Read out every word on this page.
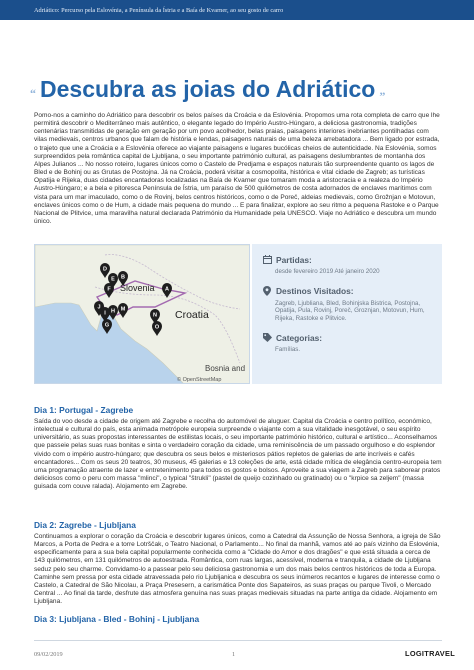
Adriático: Percurso pela Eslovénia, a Península da Ístria e a Baía de Kvarner, ao seu gosto de carro
“ Descubra as joias do Adriático ”

Pomo-nos a caminho do Adriático para descobrir os belos países da Croácia e da Eslovénia. Propomos uma rota completa de carro que lhe permitirá descobrir o Mediterrâneo mais autêntico, o elegante legado do Império Austro-Húngaro, a deliciosa gastronomia, tradições centenárias transmitidas de geração em geração por um povo acolhedor, belas praias, paisagens interiores inebriantes pontilhadas com vilas medievais, centros urbanos que falam de história e lendas, paisagens naturais de uma beleza arrebatadora ... Bem ligado por estrada, o trajeto que une a Croácia e a Eslovénia oferece ao viajante paisagens e lugares bucólicas cheios de autenticidade. Na Eslovénia, somos surpreendidos pela romântica capital de Ljubljana, o seu importante património cultural, as paisagens deslumbrantes de montanha dos Alpes Julianos ... No nosso roteiro, lugares únicos como o Castelo de Predjama e espaços naturais tão surpreendente quanto os lagos de Bled e de Bohinj ou as Grutas de Postojna. Já na Croácia, poderá visitar a cosmopolita, histórica e vital cidade de Zagreb; as turísticas Opatija e Rijeka, duas cidades encantadoras localizadas na Baía de Kvarner que tomaram moda a aristocracia e a realeza do Império Austro-Húngaro; e a bela e pitoresca Península de Ístria, um paraíso de 500 quilómetros de costa adornados de enclaves marítimos com vista para um mar imaculado, como o de Rovinj, belos centros históricos, como o de Poreč, aldeias medievais, como Grožnjan e Motovun, enclaves únicos como o de Hum, a cidade mais pequena do mundo ... E para finalizar, explore ao seu ritmo a pequena Rastoke e o Parque Nacional de Plitvice, uma maravilha natural declarada Património da Humanidade pela UNESCO. Viaje no Adriático e descubra um mundo único.

Slovenia
Croatia
Bosnia and
D
E B
F
J
I H M
G
A
N
O
© OpenStreetMap
Partidas:
desde fevereiro 2019 Até janeiro 2020
Destinos Visitados:
Zagreb, Ljubliana, Bled, Bohinjska Bistrica, Postojna, Opatija, Pula, Rovinj, Poreč, Groznjan, Motovun, Hum, Rijeka, Rastoke e Plitvice.
Categorias:
Famílias.
Dia 1: Portugal - Zagrebe

Saída do voo desde a cidade de origem até Zagrebe e recolha do automóvel de aluguer. Capital da Croácia e centro político, económico, intelectual e cultural do país, esta animada metrópole europeia surpreende o viajante com a sua vitalidade inesgotável, o seu espírito universitário, as suas propostas interessantes de estilistas locais, o seu importante património histórico, cultural e artístico... Aconselhamos que passeie pelas suas ruas bonitas e sinta o verdadeiro coração da cidade, uma reminiscência de um passado orgulhoso e do esplendor vivido com o império austro-húngaro; que descubra os seus belos e misteriosos pátios repletos de galerias de arte incríveis e cafés encantadores... Com os seus 20 teatros, 30 museus, 45 galerias e 13 coleções de arte, está cidade mítica de elegância centro-europeia tem uma programação atraente de lazer e entretenimento para todos os gostos e bolsos. Aproveite a sua viagem a Zagreb para saborear pratos deliciosos como o peru com massa "mlinci", o typical "štrukli" (pastel de queijo cozinhado ou gratinado) ou o "krpice sa zeljem" (massa guisada com couve ralada). Alojamento em Zagrebe.

Dia 2: Zagrebe - Ljubljana

Continuamos a explorar o coração da Croácia e descobrir lugares únicos, como a Catedral da Assunção de Nossa Senhora, a igreja de São Marcos, a Porta de Pedra e a torre Lotrščak, o Teatro Nacional, o Parlamento... No final da manhã, vamos até ao país vizinho da Eslovénia, especificamente para a sua bela capital popularmente conhecida como a "Cidade do Amor e dos dragões" e que está situada a cerca de 143 quilómetros, em 131 quilómetros de autoestrada. Romântica, com ruas largas, acessível, moderna e tranquila, a cidade de Ljubljana seduz pelo seu charme. Convidamo-lo a passear pelo seu deliciosa gastronomia e um dos mais belos centros históricos de toda a Europa. Caminhe sem pressa por esta cidade atravessada pelo rio Ljubljanica e descubra os seus inúmeros recantos e lugares de interesse como o Castelo, a Catedral de São Nicolau, a Praça Presesern, a carismática Ponte dos Sapateiros, as suas praças ou parque Tivoli, o Mercado Central ... Ao final da tarde, desfrute das atmosfera genuína nas suas praças medievais situadas na parte antiga da cidade. Alojamento em Ljubljana.

Dia 3: Ljubljana - Bled - Bohinj - Ljubljana
09/02/2019	1	LOGITRAVEL
